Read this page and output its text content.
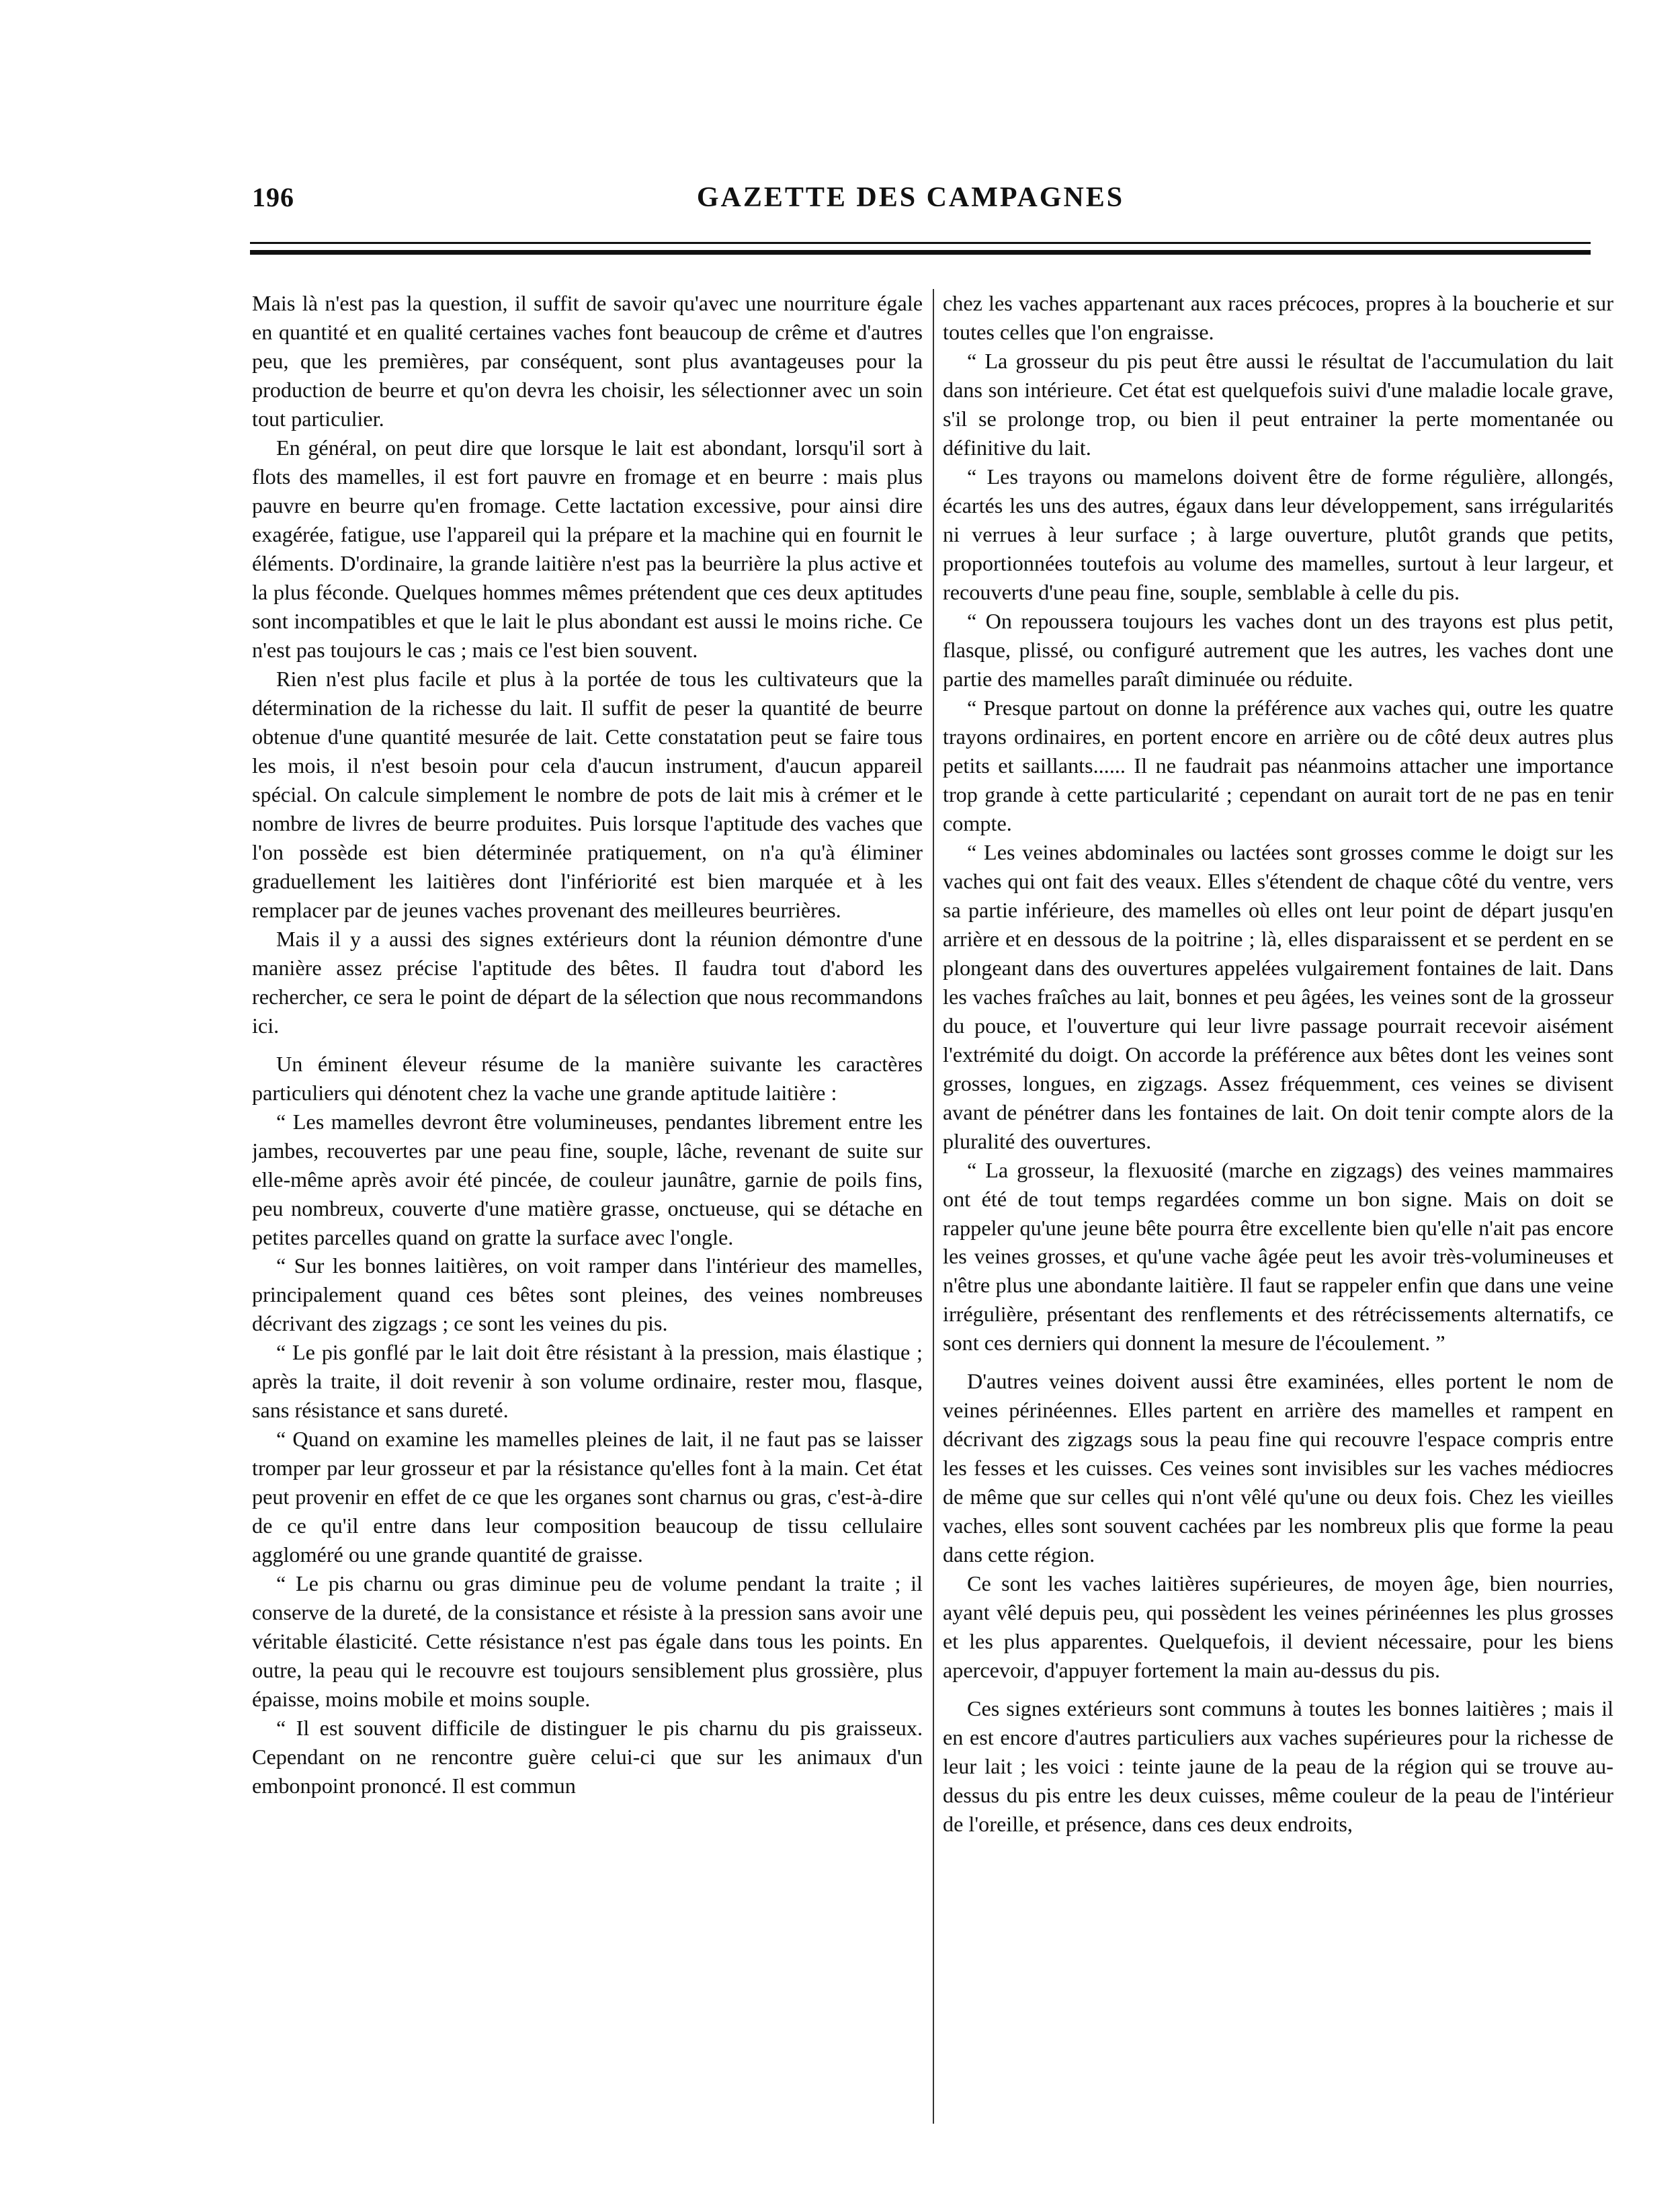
196	GAZETTE DES CAMPAGNES

Mais là n'est pas la question, il suffit de savoir qu'avec une nourriture égale en quantité et en qualité certaines vaches font beaucoup de crême et d'autres peu, que les premières, par conséquent, sont plus avantageuses pour la production de beurre et qu'on devra les choisir, les sélectionner avec un soin tout particulier.

En général, on peut dire que lorsque le lait est abondant, lorsqu'il sort à flots des mamelles, il est fort pauvre en fromage et en beurre : mais plus pauvre en beurre qu'en fromage. Cette lactation excessive, pour ainsi dire exagérée, fatigue, use l'appareil qui la prépare et la machine qui en fournit le éléments. D'ordinaire, la grande laitière n'est pas la beurrière la plus active et la plus féconde. Quelques hommes mêmes prétendent que ces deux aptitudes sont incompatibles et que le lait le plus abondant est aussi le moins riche. Ce n'est pas toujours le cas ; mais ce l'est bien souvent.

Rien n'est plus facile et plus à la portée de tous les cultivateurs que la détermination de la richesse du lait. Il suffit de peser la quantité de beurre obtenue d'une quantité mesurée de lait. Cette constatation peut se faire tous les mois, il n'est besoin pour cela d'aucun instrument, d'aucun appareil spécial. On calcule simplement le nombre de pots de lait mis à crémer et le nombre de livres de beurre produites. Puis lorsque l'aptitude des vaches que l'on possède est bien déterminée pratiquement, on n'a qu'à éliminer graduellement les laitières dont l'infériorité est bien marquée et à les remplacer par de jeunes vaches provenant des meilleures beurrières.

Mais il y a aussi des signes extérieurs dont la réunion démontre d'une manière assez précise l'aptitude des bêtes. Il faudra tout d'abord les rechercher, ce sera le point de départ de la sélection que nous recommandons ici.

Un éminent éleveur résume de la manière suivante les caractères particuliers qui dénotent chez la vache une grande aptitude laitière :

“ Les mamelles devront être volumineuses, pendantes librement entre les jambes, recouvertes par une peau fine, souple, lâche, revenant de suite sur elle-même après avoir été pincée, de couleur jaunâtre, garnie de poils fins, peu nombreux, couverte d'une matière grasse, onctueuse, qui se détache en petites parcelles quand on gratte la surface avec l'ongle.

“ Sur les bonnes laitières, on voit ramper dans l'intérieur des mamelles, principalement quand ces bêtes sont pleines, des veines nombreuses décrivant des zigzags ; ce sont les veines du pis.

“ Le pis gonflé par le lait doit être résistant à la pression, mais élastique ; après la traite, il doit revenir à son volume ordinaire, rester mou, flasque, sans résistance et sans dureté.

“ Quand on examine les mamelles pleines de lait, il ne faut pas se laisser tromper par leur grosseur et par la résistance qu'elles font à la main. Cet état peut provenir en effet de ce que les organes sont charnus ou gras, c'est-à-dire de ce qu'il entre dans leur composition beaucoup de tissu cellulaire aggloméré ou une grande quantité de graisse.

“ Le pis charnu ou gras diminue peu de volume pendant la traite ; il conserve de la dureté, de la consistance et résiste à la pression sans avoir une véritable élasticité. Cette résistance n'est pas égale dans tous les points. En outre, la peau qui le recouvre est toujours sensiblement plus grossière, plus épaisse, moins mobile et moins souple.

“ Il est souvent difficile de distinguer le pis charnu du pis graisseux. Cependant on ne rencontre guère celui-ci que sur les animaux d'un embonpoint prononcé. Il est commun

chez les vaches appartenant aux races précoces, propres à la boucherie et sur toutes celles que l'on engraisse.

“ La grosseur du pis peut être aussi le résultat de l'accumulation du lait dans son intérieure. Cet état est quelquefois suivi d'une maladie locale grave, s'il se prolonge trop, ou bien il peut entrainer la perte momentanée ou définitive du lait.

“ Les trayons ou mamelons doivent être de forme régulière, allongés, écartés les uns des autres, égaux dans leur développement, sans irrégularités ni verrues à leur surface ; à large ouverture, plutôt grands que petits, proportionnées toutefois au volume des mamelles, surtout à leur largeur, et recouverts d'une peau fine, souple, semblable à celle du pis.

“ On repoussera toujours les vaches dont un des trayons est plus petit, flasque, plissé, ou configuré autrement que les autres, les vaches dont une partie des mamelles paraît diminuée ou réduite.

“ Presque partout on donne la préférence aux vaches qui, outre les quatre trayons ordinaires, en portent encore en arrière ou de côté deux autres plus petits et saillants...... Il ne faudrait pas néanmoins attacher une importance trop grande à cette particularité ; cependant on aurait tort de ne pas en tenir compte.

“ Les veines abdominales ou lactées sont grosses comme le doigt sur les vaches qui ont fait des veaux. Elles s'étendent de chaque côté du ventre, vers sa partie inférieure, des mamelles où elles ont leur point de départ jusqu'en arrière et en dessous de la poitrine ; là, elles disparaissent et se perdent en se plongeant dans des ouvertures appelées vulgairement fontaines de lait. Dans les vaches fraîches au lait, bonnes et peu âgées, les veines sont de la grosseur du pouce, et l'ouverture qui leur livre passage pourrait recevoir aisément l'extrémité du doigt. On accorde la préférence aux bêtes dont les veines sont grosses, longues, en zigzags. Assez fréquemment, ces veines se divisent avant de pénétrer dans les fontaines de lait. On doit tenir compte alors de la pluralité des ouvertures.

“ La grosseur, la flexuosité (marche en zigzags) des veines mammaires ont été de tout temps regardées comme un bon signe. Mais on doit se rappeler qu'une jeune bête pourra être excellente bien qu'elle n'ait pas encore les veines grosses, et qu'une vache âgée peut les avoir très-volumineuses et n'être plus une abondante laitière. Il faut se rappeler enfin que dans une veine irrégulière, présentant des renflements et des rétrécissements alternatifs, ce sont ces derniers qui donnent la mesure de l'écoulement. ”

D'autres veines doivent aussi être examinées, elles portent le nom de veines périnéennes. Elles partent en arrière des mamelles et rampent en décrivant des zigzags sous la peau fine qui recouvre l'espace compris entre les fesses et les cuisses. Ces veines sont invisibles sur les vaches médiocres de même que sur celles qui n'ont vêlé qu'une ou deux fois. Chez les vieilles vaches, elles sont souvent cachées par les nombreux plis que forme la peau dans cette région.

Ce sont les vaches laitières supérieures, de moyen âge, bien nourries, ayant vêlé depuis peu, qui possèdent les veines périnéennes les plus grosses et les plus apparentes. Quelquefois, il devient nécessaire, pour les biens apercevoir, d'appuyer fortement la main au-dessus du pis.

Ces signes extérieurs sont communs à toutes les bonnes laitières ; mais il en est encore d'autres particuliers aux vaches supérieures pour la richesse de leur lait ; les voici : teinte jaune de la peau de la région qui se trouve au-dessus du pis entre les deux cuisses, même couleur de la peau de l'intérieur de l'oreille, et présence, dans ces deux endroits,
